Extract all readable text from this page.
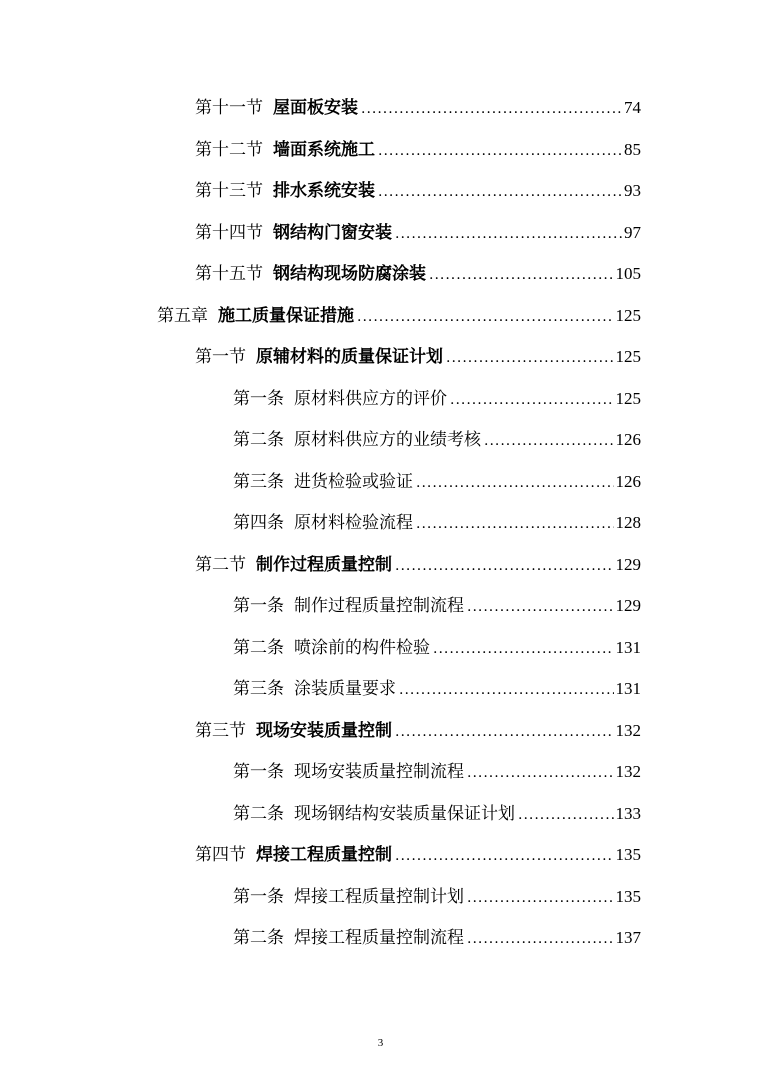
第十一节 屋面板安装 .....	74
第十二节 墙面系统施工 .....	85
第十三节 排水系统安装 .....	93
第十四节 钢结构门窗安装 .....	97
第十五节 钢结构现场防腐涂装 .....	105
第五章 施工质量保证措施 .....	125
第一节 原辅材料的质量保证计划 .....	125
第一条 原材料供应方的评价 .....	125
第二条 原材料供应方的业绩考核 .....	126
第三条 进货检验或验证 .....	126
第四条 原材料检验流程 .....	128
第二节 制作过程质量控制 .....	129
第一条 制作过程质量控制流程 .....	129
第二条 喷涂前的构件检验 .....	131
第三条 涂装质量要求 .....	131
第三节 现场安装质量控制 .....	132
第一条 现场安装质量控制流程 .....	132
第二条 现场钢结构安装质量保证计划 .....	133
第四节 焊接工程质量控制 .....	135
第一条 焊接工程质量控制计划 .....	135
第二条 焊接工程质量控制流程 .....	137
3
